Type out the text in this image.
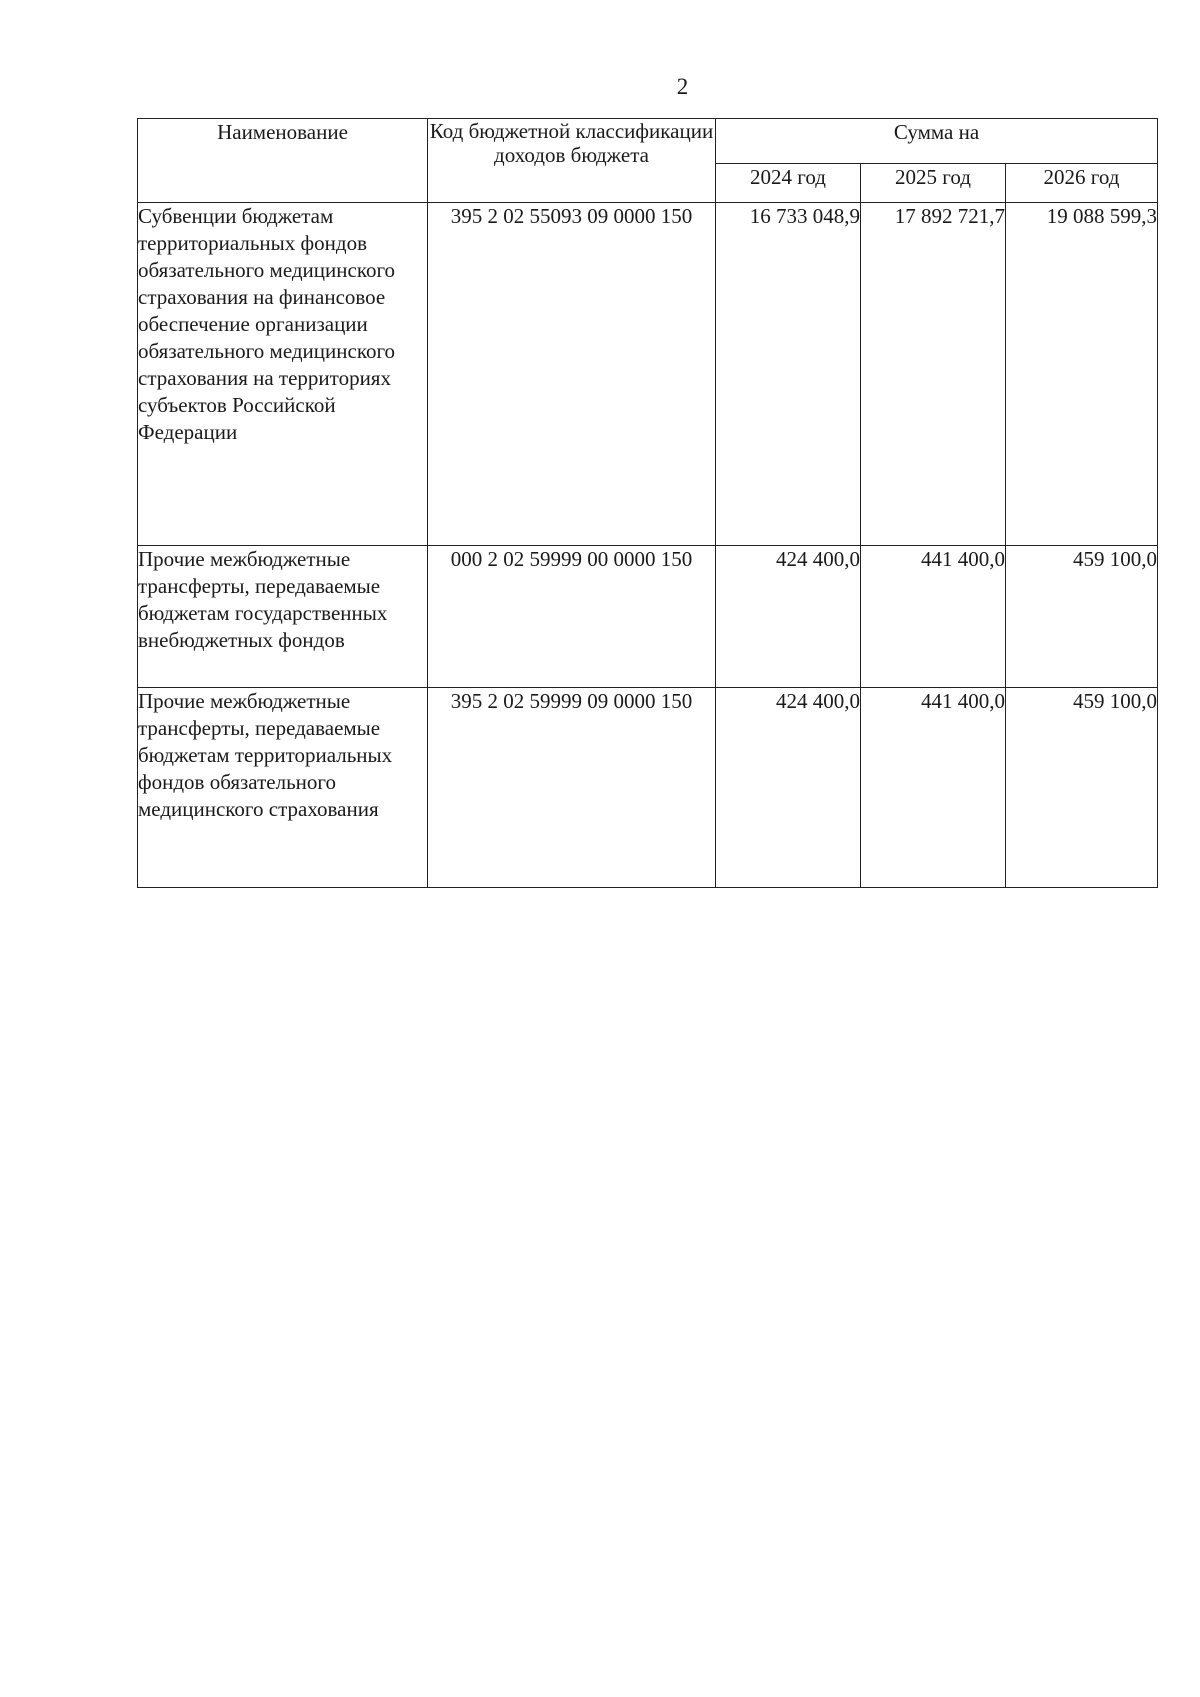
2
Наименование	Код бюджетной классификации доходов бюджета	Сумма на		
		2024 год	2025 год	2026 год
Субвенции бюджетам территориальных фондов обязательного медицинского страхования на финансовое обеспечение организации обязательного медицинского страхования на территориях субъектов Российской Федерации	395 2 02 55093 09 0000 150	16 733 048,9	17 892 721,7	19 088 599,3
Прочие межбюджетные трансферты, передаваемые бюджетам государственных внебюджетных фондов	000 2 02 59999 00 0000 150	424 400,0	441 400,0	459 100,0
Прочие межбюджетные трансферты, передаваемые бюджетам территориальных фондов обязательного медицинского страхования	395 2 02 59999 09 0000 150	424 400,0	441 400,0	459 100,0
